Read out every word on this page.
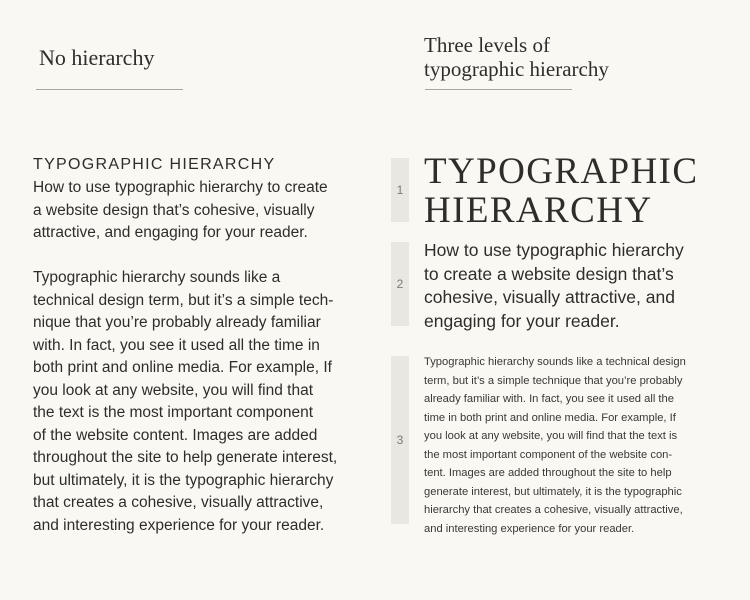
No hierarchy
TYPOGRAPHIC HIERARCHY
How to use typographic hierarchy to create
a website design that’s cohesive, visually
attractive, and engaging for your reader.
Typographic hierarchy sounds like a
technical design term, but it’s a simple tech-
nique that you’re probably already familiar
with. In fact, you see it used all the time in
both print and online media. For example, If
you look at any website, you will find that
the text is the most important component
of the website content. Images are added
throughout the site to help generate interest,
but ultimately, it is the typographic hierarchy
that creates a cohesive, visually attractive,
and interesting experience for your reader.
Three levels of
typographic hierarchy
1
2
3
TYPOGRAPHIC
HIERARCHY
How to use typographic hierarchy
to create a website design that’s
cohesive, visually attractive, and
engaging for your reader.
Typographic hierarchy sounds like a technical design
term, but it’s a simple technique that you’re probably
already familiar with. In fact, you see it used all the
time in both print and online media. For example, If
you look at any website, you will find that the text is
the most important component of the website con-
tent. Images are added throughout the site to help
generate interest, but ultimately, it is the typographic
hierarchy that creates a cohesive, visually attractive,
and interesting experience for your reader.
